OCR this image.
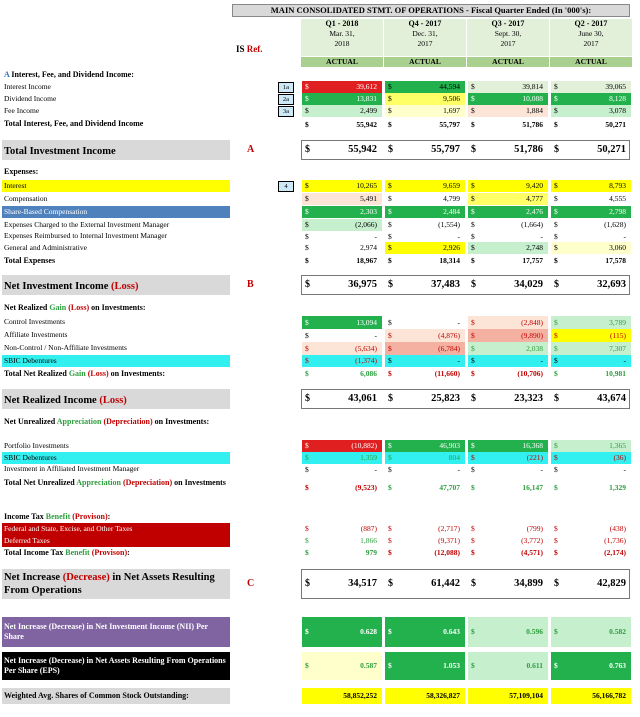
MAIN CONSOLIDATED STMT. OF OPERATIONS - Fiscal Quarter Ended (In '000's):
IS Ref.
Q1 - 2018
Mar. 31,
2018
ACTUAL
Q4 - 2017
Dec. 31,
2017
ACTUAL
Q3 - 2017
Sept. 30,
2017
ACTUAL
Q2 - 2017
June 30,
2017
ACTUAL
A Interest, Fee, and Dividend Income:
Interest Income	1a	$	39,612 $	44,594 $	39,814 $	39,065
Dividend Income	2a	$	13,831 $	9,506 $	10,088 $	8,128
Fee Income	3a	$	2,499 $	1,697 $	1,884 $	3,078
Total Interest, Fee, and Dividend Income	$	55,942 $	55,797 $	51,786 $	50,271
Total Investment Income	A	$	55,942 $	55,797 $	51,786 $	50,271
Expenses:
Interest	4	$	10,265 $	9,659 $	9,420 $	8,793
Compensation	$	5,491 $	4,799 $	4,777 $	4,555
Share-Based Compensation	$	2,303 $	2,484 $	2,476 $	2,798
Expenses Charged to the External Investment Manager	$	(2,066) $	(1,554) $	(1,664) $	(1,628)
Expenses Reimbursed to Internal Investment Manager	$	- $	- $	- $	-
General and Administrative	$	2,974 $	2,926 $	2,748 $	3,060
Total Expenses	$	18,967 $	18,314 $	17,757 $	17,578
Net Investment Income (Loss)	B	$	36,975 $	37,483 $	34,029 $	32,693
Net Realized Gain (Loss) on Investments:
Control Investments	$	13,094 $	- $	(2,848) $	3,789
Affiliate Investments	$	- $	(4,876) $	(9,890) $	(115)
Non-Control / Non-Affiliate Investments	$	(5,634) $	(6,784) $	2,038 $	7,307
SBIC Debentures	$	(1,374) $	- $	- $	-
Total Net Realized Gain (Loss) on Investments:	$	6,086 $	(11,660) $	(10,706) $	10,981
Net Realized Income (Loss)	$	43,061 $	25,823 $	23,323 $	43,674
Net Unrealized Appreciation (Depreciation) on Investments:
Portfolio Investments	$	(10,882) $	46,903 $	16,368 $	1,365
SBIC Debentures	$	1,359 $	804 $	(221) $	(36)
Investment in Affiliated Investment Manager	$	- $	- $	- $	-
Total Net Unrealized Appreciation (Depreciation) on Investments
$	(9,523) $	47,707 $	16,147 $	1,329
Income Tax Benefit (Provison):
Federal and State, Excise, and Other Taxes	$	(887) $	(2,717) $	(799) $	(438)
Deferred Taxes	$	1,866 $	(9,371) $	(3,772) $	(1,736)
Total Income Tax Benefit (Provison):	$	979 $	(12,088) $	(4,571) $	(2,174)
Net Increase (Decrease) in Net Assets Resulting From Operations
C	$	34,517 $	61,442 $	34,899 $	42,829
Net Increase (Decrease) in Net Investment Income (NII) Per Share
$	0.628 $	0.643 $	0.596 $	0.582
Net Increase (Decrease) in Net Assets Resulting From Operations Per Share (EPS)
$	0.587 $	1.053 $	0.611 $	0.763
Weighted Avg. Shares of Common Stock Outstanding:	58,852,252	58,326,827	57,109,104	56,166,782
